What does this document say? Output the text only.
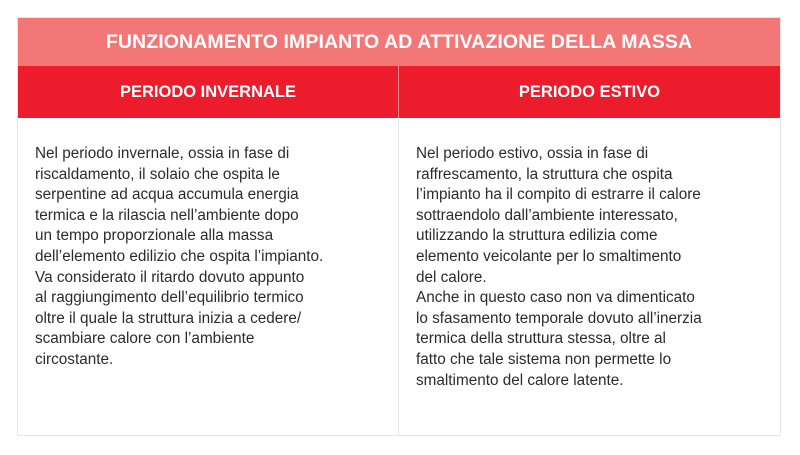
FUNZIONAMENTO IMPIANTO AD ATTIVAZIONE DELLA MASSA
PERIODO INVERNALE	PERIODO ESTIVO
Nel periodo invernale, ossia in fase di
riscaldamento, il solaio che ospita le
serpentine ad acqua accumula energia
termica e la rilascia nell’ambiente dopo
un tempo proporzionale alla massa
dell’elemento edilizio che ospita l’impianto.
Va considerato il ritardo dovuto appunto
al raggiungimento dell’equilibrio termico
oltre il quale la struttura inizia a cedere/
scambiare calore con l’ambiente
circostante.
Nel periodo estivo, ossia in fase di
raffrescamento, la struttura che ospita
l’impianto ha il compito di estrarre il calore
sottraendolo dall’ambiente interessato,
utilizzando la struttura edilizia come
elemento veicolante per lo smaltimento
del calore.
Anche in questo caso non va dimenticato
lo sfasamento temporale dovuto all’inerzia
termica della struttura stessa, oltre al
fatto che tale sistema non permette lo
smaltimento del calore latente.
